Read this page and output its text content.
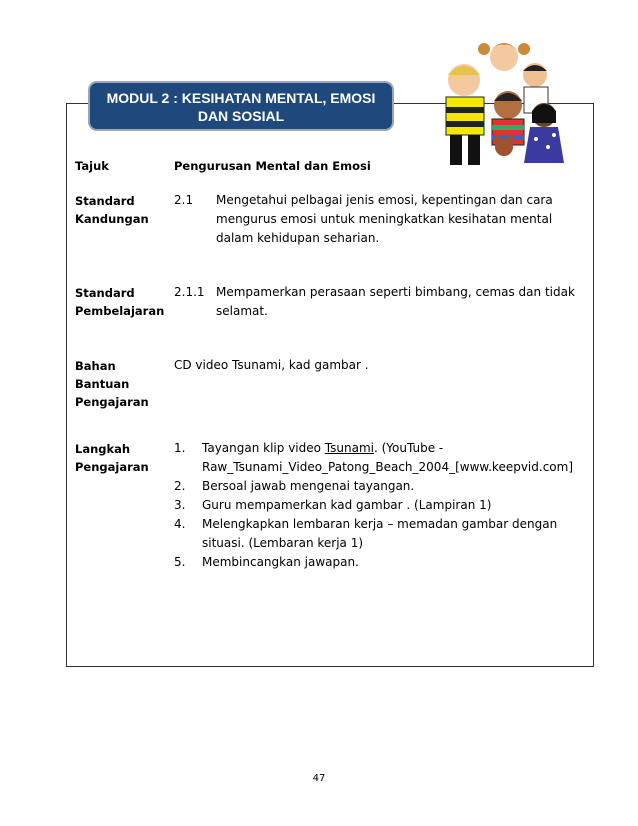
MODUL 2 : KESIHATAN MENTAL, EMOSI
DAN SOSIAL
Tajuk	Pengurusan Mental dan Emosi
Standard
Kandungan
2.1	Mengetahui pelbagai jenis emosi, kepentingan dan cara
mengurus emosi untuk meningkatkan kesihatan mental
dalam kehidupan seharian.
Standard
Pembelajaran
2.1.1 Mempamerkan perasaan seperti bimbang, cemas dan tidak
selamat.
Bahan
Bantuan
Pengajaran
CD video Tsunami, kad gambar .
Langkah
Pengajaran
1. Tayangan klip video Tsunami. (YouTube -
Raw_Tsunami_Video_Patong_Beach_2004_[www.keepvid.com]
2. Bersoal jawab mengenai tayangan.
3. Guru mempamerkan kad gambar . (Lampiran 1)
4. Melengkapkan lembaran kerja – memadan gambar dengan
situasi. (Lembaran kerja 1)
5. Membincangkan jawapan.
47
